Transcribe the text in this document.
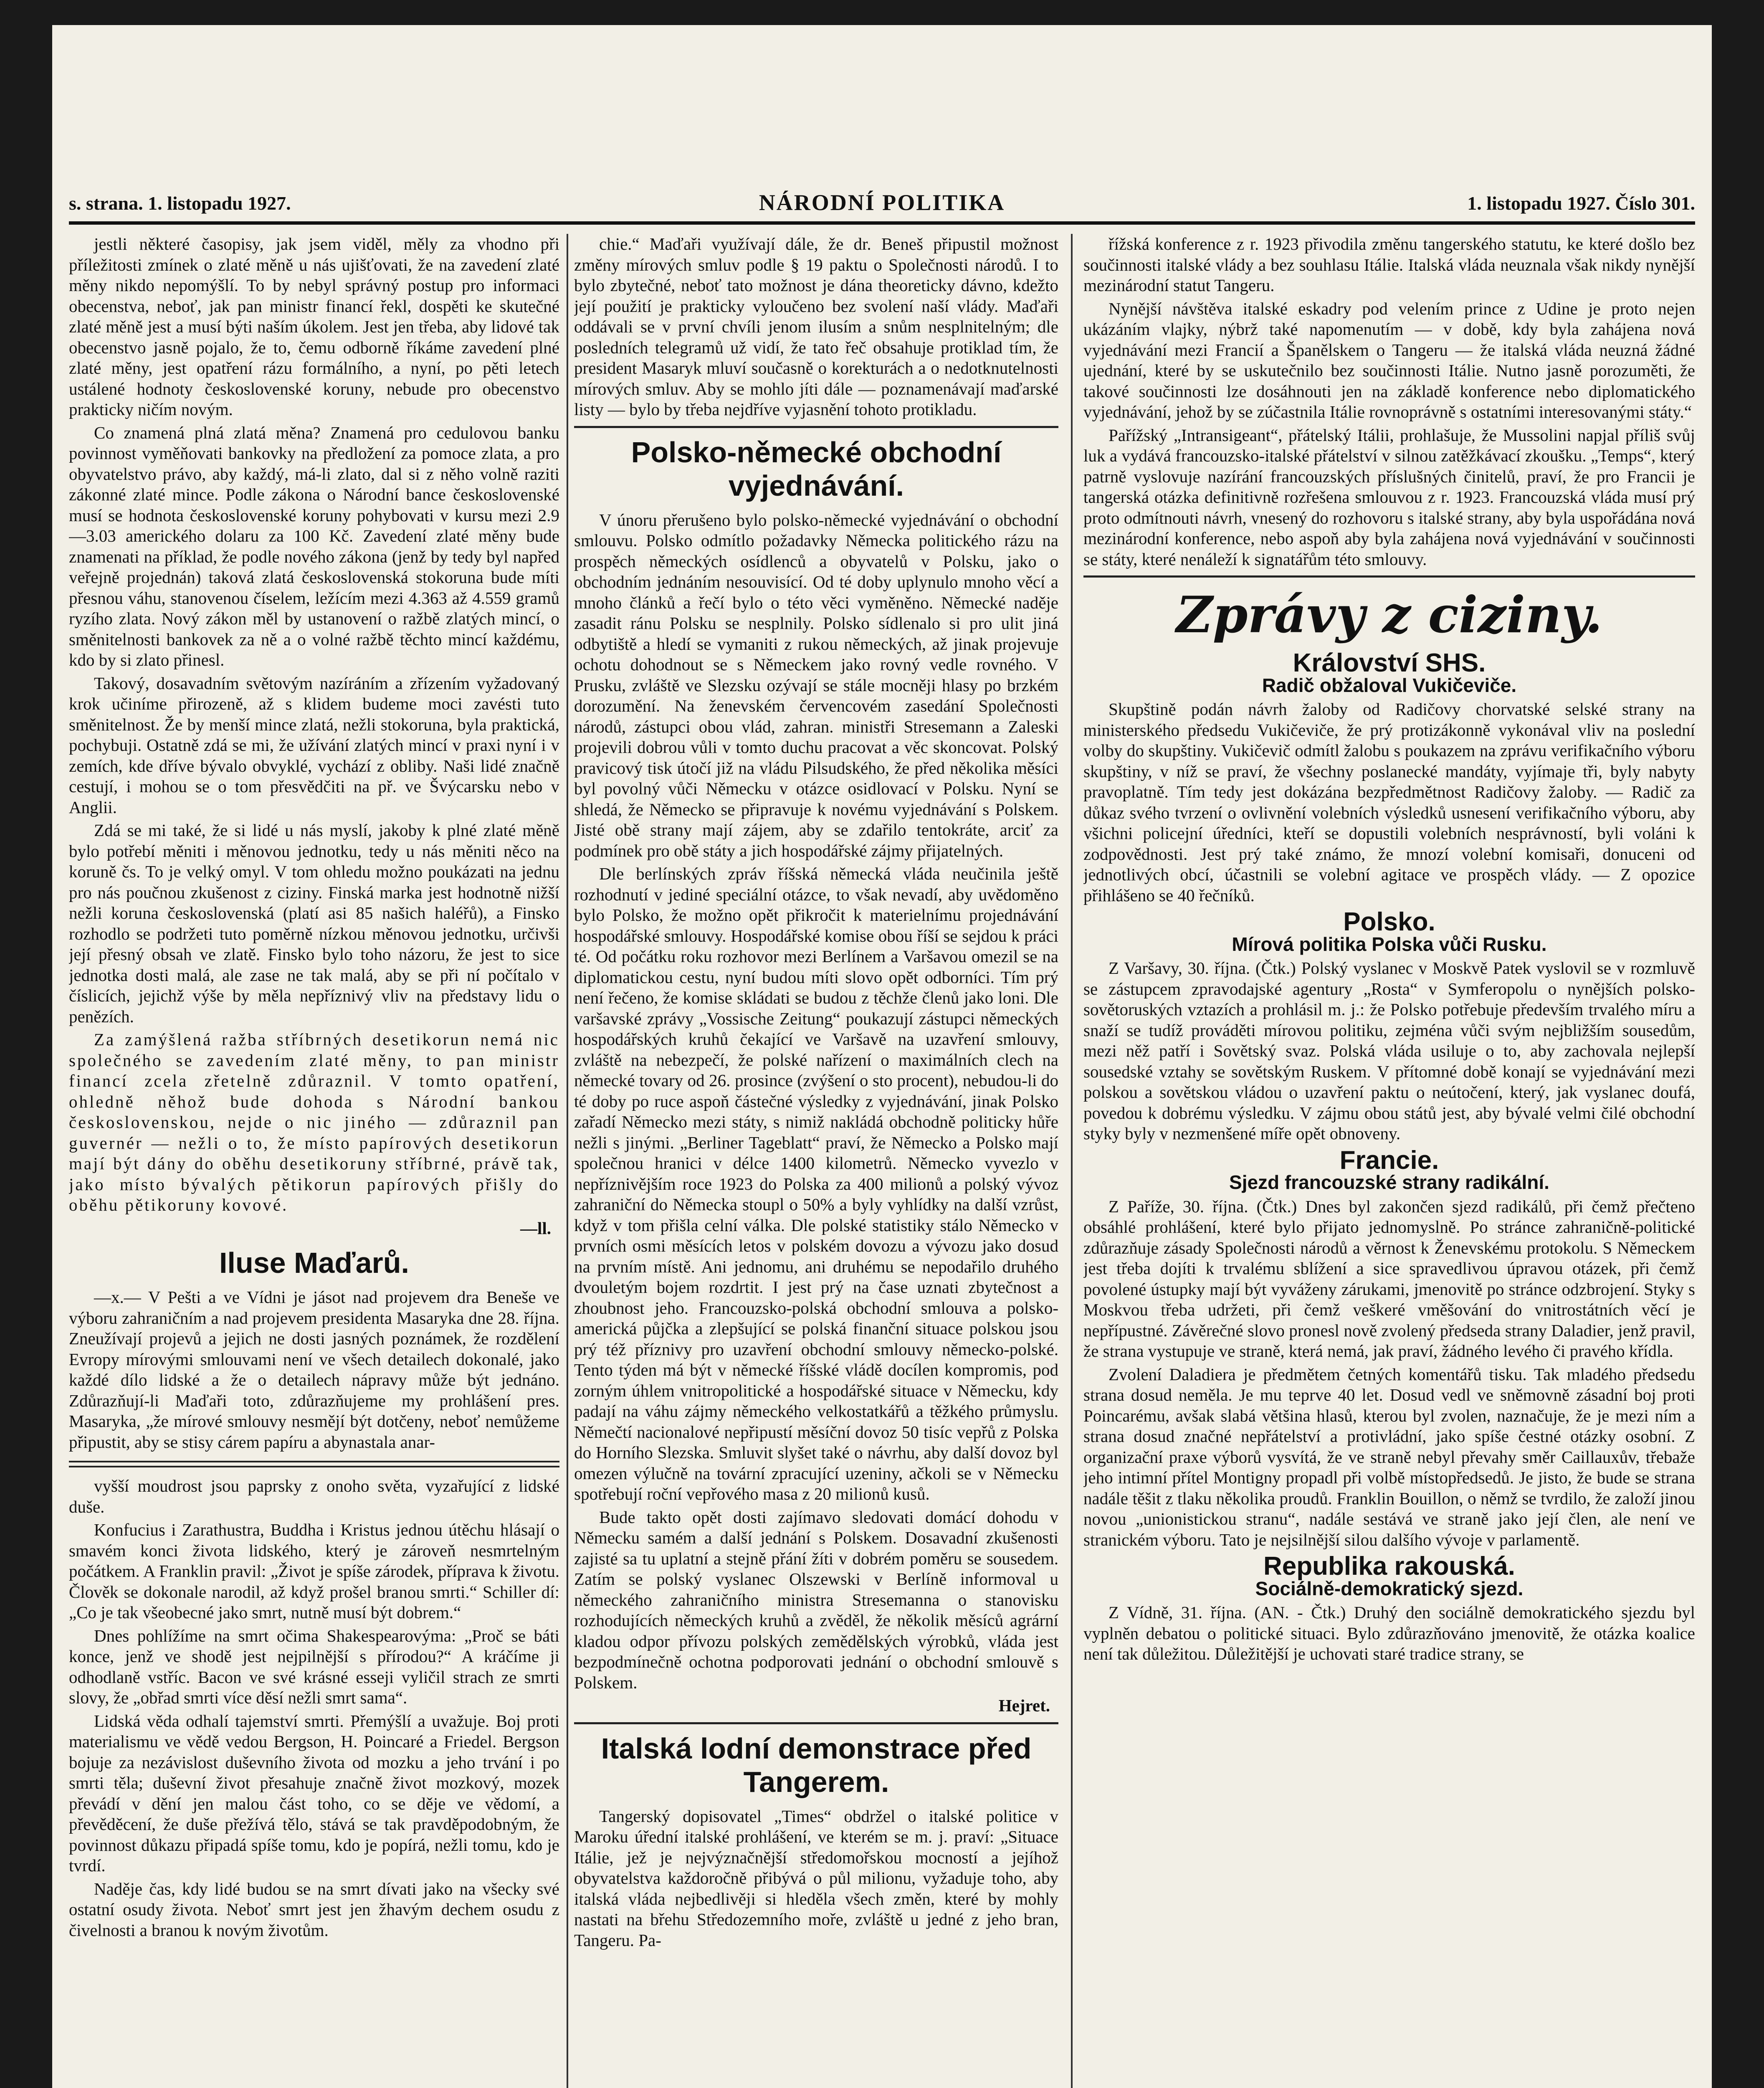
s. strana. 1. listopadu 1927.	NÁRODNÍ POLITIKA	1. listopadu 1927. Číslo 301.

jestli některé časopisy, jak jsem viděl, měly za vhodno při příležitosti zmínek o zlaté měně u nás ujišťovati, že na zavedení zlaté měny nikdo nepomýšlí. To by nebyl správný postup pro informaci obecenstva, neboť, jak pan ministr financí řekl, dospěti ke skutečné zlaté měně jest a musí býti naším úkolem. Jest jen třeba, aby lidové tak obecenstvo jasně pojalo, že to, čemu odborně říkáme zavedení plné zlaté měny, jest opatření rázu formálního, a nyní, po pěti letech ustálené hodnoty československé koruny, nebude pro obecenstvo prakticky ničím novým.

Co znamená plná zlatá měna? Znamená pro cedulovou banku povinnost vyměňovati bankovky na předložení za pomoce zlata, a pro obyvatelstvo právo, aby každý, má-li zlato, dal si z něho volně raziti zákonné zlaté mince. Podle zákona o Národní bance československé musí se hodnota československé koruny pohybovati v kursu mezi 2.9—3.03 amerického dolaru za 100 Kč. Zavedení zlaté měny bude znamenati na příklad, že podle nového zákona (jenž by tedy byl napřed veřejně projednán) taková zlatá československá stokoruna bude míti přesnou váhu, stanovenou číselem, ležícím mezi 4.363 až 4.559 gramů ryzího zlata. Nový zákon měl by ustanovení o ražbě zlatých mincí, o směnitelnosti bankovek za ně a o volné ražbě těchto mincí každému, kdo by si zlato přinesl.

Takový, dosavadním světovým nazíráním a zřízením vyžadovaný krok učiníme přirozeně, až s klidem budeme moci zavésti tuto směnitelnost. Že by menší mince zlatá, nežli stokoruna, byla praktická, pochybuji. Ostatně zdá se mi, že užívání zlatých mincí v praxi nyní i v zemích, kde dříve bývalo obvyklé, vychází z obliby. Naši lidé značně cestují, i mohou se o tom přesvědčiti na př. ve Švýcarsku nebo v Anglii.

Zdá se mi také, že si lidé u nás myslí, jakoby k plné zlaté měně bylo potřebí měniti i měnovou jednotku, tedy u nás měniti něco na koruně čs. To je velký omyl. V tom ohledu možno poukázati na jednu pro nás poučnou zkušenost z ciziny. Finská marka jest hodnotně nižší nežli koruna československá (platí asi 85 našich haléřů), a Finsko rozhodlo se podržeti tuto poměrně nízkou měnovou jednotku, určivši její přesný obsah ve zlatě. Finsko bylo toho názoru, že jest to sice jednotka dosti malá, ale zase ne tak malá, aby se při ní počítalo v číslicích, jejichž výše by měla nepříznivý vliv na představy lidu o penězích.

Za zamýšlená ražba stříbrných desetikorun nemá nic společného se zavedením zlaté měny, to pan ministr financí zcela zřetelně zdůraznil. V tomto opatření, ohledně něhož bude dohoda s Národní bankou československou, nejde o nic jiného — zdůraznil pan guvernér — nežli o to, že místo papírových desetikorun mají být dány do oběhu desetikoruny stříbrné, právě tak, jako místo bývalých pětikorun papírových přišly do oběhu pětikoruny kovové.

—ll.
Iluse Maďarů.

—x.— V Pešti a ve Vídni je jásot nad projevem dra Beneše ve výboru zahraničním a nad projevem presidenta Masaryka dne 28. října. Zneužívají projevů a jejich ne dosti jasných poznámek, že rozdělení Evropy mírovými smlouvami není ve všech detailech dokonalé, jako každé dílo lidské a že o detailech nápravy může být jednáno. Zdůrazňují-li Maďaři toto, zdůrazňujeme my prohlášení pres. Masaryka, „že mírové smlouvy nesmějí být dotčeny, neboť nemůžeme připustit, aby se stisy cárem papíru a abynastala anar-

vyšší moudrost jsou paprsky z onoho světa, vyzařující z lidské duše.

Konfucius i Zarathustra, Buddha i Kristus jednou útěchu hlásají o smavém konci života lidského, který je zároveň nesmrtelným počátkem. A Franklin pravil: „Život je spíše zárodek, příprava k životu. Člověk se dokonale narodil, až když prošel branou smrti.“ Schiller dí: „Co je tak všeobecné jako smrt, nutně musí být dobrem.“

Dnes pohlížíme na smrt očima Shakespearovýma: „Proč se báti konce, jenž ve shodě jest nejpilnější s přírodou?“ A kráčíme ji odhodlaně vstříc. Bacon ve své krásné esseji vyličil strach ze smrti slovy, že „obřad smrti více děsí nežli smrt sama“.

Lidská věda odhalí tajemství smrti. Přemýšlí a uvažuje. Boj proti materialismu ve vědě vedou Bergson, H. Poincaré a Friedel. Bergson bojuje za nezávislost duševního života od mozku a jeho trvání i po smrti těla; duševní život přesahuje značně život mozkový, mozek převádí v dění jen malou část toho, co se děje ve vědomí, a převěděcení, že duše přežívá tělo, stává se tak pravděpodobným, že povinnost důkazu připadá spíše tomu, kdo je popírá, nežli tomu, kdo je tvrdí.

Naděje čas, kdy lidé budou se na smrt dívati jako na všecky své ostatní osudy života. Neboť smrt jest jen žhavým dechem osudu z čivelnosti a branou k novým životům.

chie.“ Maďaři využívají dále, že dr. Beneš připustil možnost změny mírových smluv podle § 19 paktu o Společnosti národů. I to bylo zbytečné, neboť tato možnost je dána theoreticky dávno, kdežto její použití je prakticky vyloučeno bez svolení naší vlády. Maďaři oddávali se v první chvíli jenom ilusím a snům nesplnitelným; dle posledních telegramů už vidí, že tato řeč obsahuje protiklad tím, že president Masaryk mluví současně o korekturách a o nedotknutelnosti mírových smluv. Aby se mohlo jíti dále — poznamenávají maďarské listy — bylo by třeba nejdříve vyjasnění tohoto protikladu.

Polsko-německé obchodní vyjednávání.

V únoru přerušeno bylo polsko-německé vyjednávání o obchodní smlouvu. Polsko odmítlo požadavky Německa politického rázu na prospěch německých osídlenců a obyvatelů v Polsku, jako o obchodním jednáním nesouvisící. Od té doby uplynulo mnoho věcí a mnoho článků a řečí bylo o této věci vyměněno. Německé naděje zasadit ránu Polsku se nesplnily. Polsko sídlenalo si pro ulit jiná odbytiště a hledí se vymaniti z rukou německých, až jinak projevuje ochotu dohodnout se s Německem jako rovný vedle rovného. V Prusku, zvláště ve Slezsku ozývají se stále mocněji hlasy po brzkém dorozumění. Na ženevském červencovém zasedání Společnosti národů, zástupci obou vlád, zahran. ministři Stresemann a Zaleski projevili dobrou vůli v tomto duchu pracovat a věc skoncovat. Polský pravicový tisk útočí již na vládu Pilsudského, že před několika měsíci byl povolný vůči Německu v otázce osidlovací v Polsku. Nyní se shledá, že Německo se připravuje k novému vyjednávání s Polskem. Jisté obě strany mají zájem, aby se zdařilo tentokráte, arciť za podmínek pro obě státy a jich hospodářské zájmy přijatelných.

Dle berlínských zpráv říšská německá vláda neučinila ještě rozhodnutí v jediné speciální otázce, to však nevadí, aby uvědoměno bylo Polsko, že možno opět přikročit k materielnímu projednávání hospodářské smlouvy. Hospodářské komise obou říší se sejdou k práci té. Od počátku roku rozhovor mezi Berlínem a Varšavou omezil se na diplomatickou cestu, nyní budou míti slovo opět odborníci. Tím prý není řečeno, že komise skládati se budou z těchže členů jako loni. Dle varšavské zprávy „Vossische Zeitung“ poukazují zástupci německých hospodářských kruhů čekající ve Varšavě na uzavření smlouvy, zvláště na nebezpečí, že polské nařízení o maximálních clech na německé tovary od 26. prosince (zvýšení o sto procent), nebudou-li do té doby po ruce aspoň částečné výsledky z vyjednávání, jinak Polsko zařadí Německo mezi státy, s nimiž nakládá obchodně politicky hůře nežli s jinými. „Berliner Tageblatt“ praví, že Německo a Polsko mají společnou hranici v délce 1400 kilometrů. Německo vyvezlo v nepříznivějším roce 1923 do Polska za 400 milionů a polský vývoz zahraniční do Německa stoupl o 50% a byly vyhlídky na další vzrůst, když v tom přišla celní válka. Dle polské statistiky stálo Německo v prvních osmi měsících letos v polském dovozu a vývozu jako dosud na prvním místě. Ani jednomu, ani druhému se nepodařilo druhého dvouletým bojem rozdrtit. I jest prý na čase uznati zbytečnost a zhoubnost jeho. Francouzsko-polská obchodní smlouva a polsko-americká půjčka a zlepšující se polská finanční situace polskou jsou prý též příznivy pro uzavření obchodní smlouvy německo-polské. Tento týden má být v německé říšské vládě docílen kompromis, pod zorným úhlem vnitropolitické a hospodářské situace v Německu, kdy padají na váhu zájmy německého velkostatkářů a těžkého průmyslu. Němečtí nacionalové nepřipustí měsíční dovoz 50 tisíc vepřů z Polska do Horního Slezska. Smluvit slyšet také o návrhu, aby další dovoz byl omezen výlučně na tovární zpracující uzeniny, ačkoli se v Německu spotřebují roční vepřového masa z 20 milionů kusů.

Bude takto opět dosti zajímavo sledovati domácí dohodu v Německu samém a další jednání s Polskem. Dosavadní zkušenosti zajisté sa tu uplatní a stejně přání žíti v dobrém poměru se sousedem. Zatím se polský vyslanec Olszewski v Berlíně informoval u německého zahraničního ministra Stresemanna o stanovisku rozhodujících německých kruhů a zvěděl, že několik měsíců agrární kladou odpor přívozu polských zemědělských výrobků, vláda jest bezpodmínečně ochotna podporovati jednání o obchodní smlouvě s Polskem.

Hejret.
Italská lodní demonstrace před Tangerem.

Tangerský dopisovatel „Times“ obdržel o italské politice v Maroku úřední italské prohlášení, ve kterém se m. j. praví: „Situace Itálie, jež je nejvýznačnější středomořskou mocností a jejíhož obyvatelstva každoročně přibývá o půl milionu, vyžaduje toho, aby italská vláda nejbedlivěji si hleděla všech změn, které by mohly nastati na břehu Středozemního moře, zvláště u jedné z jeho bran, Tangeru. Pa-

řížská konference z r. 1923 přivodila změnu tangerského statutu, ke které došlo bez součinnosti italské vlády a bez souhlasu Itálie. Italská vláda neuznala však nikdy nynější mezinárodní statut Tangeru.

Nynější návštěva italské eskadry pod velením prince z Udine je proto nejen ukázáním vlajky, nýbrž také napomenutím — v době, kdy byla zahájena nová vyjednávání mezi Francií a Španělskem o Tangeru — že italská vláda neuzná žádné ujednání, které by se uskutečnilo bez součinnosti Itálie. Nutno jasně porozuměti, že takové součinnosti lze dosáhnouti jen na základě konference nebo diplomatického vyjednávání, jehož by se zúčastnila Itálie rovnoprávně s ostatními interesovanými státy.“

Pařížský „Intransigeant“, přátelský Itálii, prohlašuje, že Mussolini napjal příliš svůj luk a vydává francouzsko-italské přátelství v silnou zatěžkávací zkoušku. „Temps“, který patrně vyslovuje nazírání francouzských příslušných činitelů, praví, že pro Francii je tangerská otázka definitivně rozřešena smlouvou z r. 1923. Francouzská vláda musí prý proto odmítnouti návrh, vnesený do rozhovoru s italské strany, aby byla uspořádána nová mezinárodní konference, nebo aspoň aby byla zahájena nová vyjednávání v součinnosti se státy, které nenáleží k signatářům této smlouvy.

Zprávy z ciziny.
Království SHS.
Radič obžaloval Vukičeviče.

Skupštině podán návrh žaloby od Radičovy chorvatské selské strany na ministerského předsedu Vukičeviče, že prý protizákonně vykonával vliv na poslední volby do skupštiny. Vukičevič odmítl žalobu s poukazem na zprávu verifikačního výboru skupštiny, v níž se praví, že všechny poslanecké mandáty, vyjímaje tři, byly nabyty pravoplatně. Tím tedy jest dokázána bezpředmětnost Radičovy žaloby. — Radič za důkaz svého tvrzení o ovlivnění volebních výsledků usnesení verifikačního výboru, aby všichni policejní úředníci, kteří se dopustili volebních nesprávností, byli voláni k zodpovědnosti. Jest prý také známo, že mnozí volební komisaři, donuceni od jednotlivých obcí, účastnili se volební agitace ve prospěch vlády. — Z opozice přihlášeno se 40 řečníků.

Polsko.
Mírová politika Polska vůči Rusku.

Z Varšavy, 30. října. (Čtk.) Polský vyslanec v Moskvě Patek vyslovil se v rozmluvě se zástupcem zpravodajské agentury „Rosta“ v Symferopolu o nynějších polsko-sovětoruských vztazích a prohlásil m. j.: že Polsko potřebuje především trvalého míru a snaží se tudíž prováděti mírovou politiku, zejména vůči svým nejbližším sousedům, mezi něž patří i Sovětský svaz. Polská vláda usiluje o to, aby zachovala nejlepší sousedské vztahy se sovětským Ruskem. V přítomné době konají se vyjednávání mezi polskou a sovětskou vládou o uzavření paktu o neútočení, který, jak vyslanec doufá, povedou k dobrému výsledku. V zájmu obou států jest, aby bývalé velmi čilé obchodní styky byly v nezmenšené míře opět obnoveny.

Francie.
Sjezd francouzské strany radikální.

Z Paříže, 30. října. (Čtk.) Dnes byl zakončen sjezd radikálů, při čemž přečteno obsáhlé prohlášení, které bylo přijato jednomyslně. Po stránce zahraničně-politické zdůrazňuje zásady Společnosti národů a věrnost k Ženevskému protokolu. S Německem jest třeba dojíti k trvalému sblížení a sice spravedlivou úpravou otázek, při čemž povolené ústupky mají být vyváženy zárukami, jmenovitě po stránce odzbrojení. Styky s Moskvou třeba udržeti, při čemž veškeré vměšování do vnitrostátních věcí je nepřípustné. Závěrečné slovo pronesl nově zvolený předseda strany Daladier, jenž pravil, že strana vystupuje ve straně, která nemá, jak praví, žádného levého či pravého křídla.

Zvolení Daladiera je předmětem četných komentářů tisku. Tak mladého předsedu strana dosud neměla. Je mu teprve 40 let. Dosud vedl ve sněmovně zásadní boj proti Poincarému, avšak slabá většina hlasů, kterou byl zvolen, naznačuje, že je mezi ním a strana dosud značné nepřátelství a protivládní, jako spíše čestné otázky osobní. Z organizační praxe výborů vysvítá, že ve straně nebyl převahy směr Caillauxův, třebaže jeho intimní přítel Montigny propadl při volbě místopředsedů. Je jisto, že bude se strana nadále těšit z tlaku několika proudů. Franklin Bouillon, o němž se tvrdilo, že založí jinou novou „unionistickou stranu“, nadále sestává ve straně jako její člen, ale není ve stranickém výboru. Tato je nejsilnější silou dalšího vývoje v parlamentě.

Republika rakouská.
Sociálně-demokratický sjezd.

Z Vídně, 31. října. (AN. - Čtk.) Druhý den sociálně demokratického sjezdu byl vyplněn debatou o politické situaci. Bylo zdůrazňováno jmenovitě, že otázka koalice není tak důležitou. Důležitější je uchovati staré tradice strany, se
